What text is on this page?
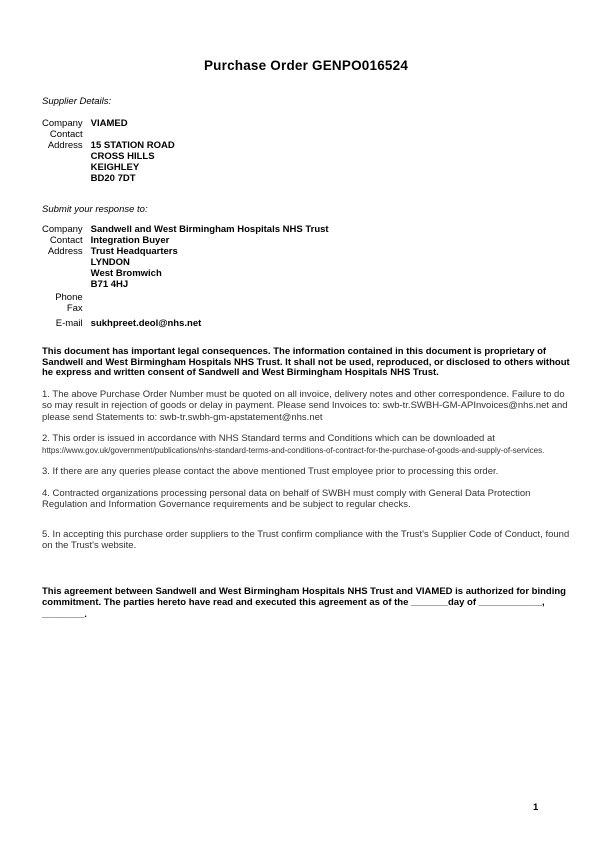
Purchase Order GENPO016524
Supplier Details:
Company	VIAMED
Contact	
Address	15 STATION ROAD
CROSS HILLS
KEIGHLEY
BD20 7DT
Submit your response to:
Company	Sandwell and West Birmingham Hospitals NHS Trust
Contact	Integration Buyer
Address	Trust Headquarters
LYNDON
West Bromwich
B71 4HJ

Phone	
Fax	
E-mail	sukhpreet.deol@nhs.net

This document has important legal consequences. The information contained in this document is proprietary of Sandwell and West Birmingham Hospitals NHS Trust. It shall not be used, reproduced, or disclosed to others without he express and written consent of Sandwell and West Birmingham Hospitals NHS Trust.

1. The above Purchase Order Number must be quoted on all invoice, delivery notes and other correspondence. Failure to do so may result in rejection of goods or delay in payment. Please send Invoices to: swb-tr.SWBH-GM-APInvoices@nhs.net and please send Statements to: swb-tr.swbh-gm-apstatement@nhs.net

2. This order is issued in accordance with NHS Standard terms and Conditions which can be downloaded at https://www.gov.uk/government/publications/nhs-standard-terms-and-conditions-of-contract-for-the-purchase-of-goods-and-supply-of-services.

3. If there are any queries please contact the above mentioned Trust employee prior to processing this order.

4. Contracted organizations processing personal data on behalf of SWBH must comply with General Data Protection Regulation and Information Governance requirements and be subject to regular checks.

5. In accepting this purchase order suppliers to the Trust confirm compliance with the Trust's Supplier Code of Conduct, found on the Trust's website.

This agreement between Sandwell and West Birmingham Hospitals NHS Trust and VIAMED is authorized for binding commitment. The parties hereto have read and executed this agreement as of the _______day of ____________, ________.

1
